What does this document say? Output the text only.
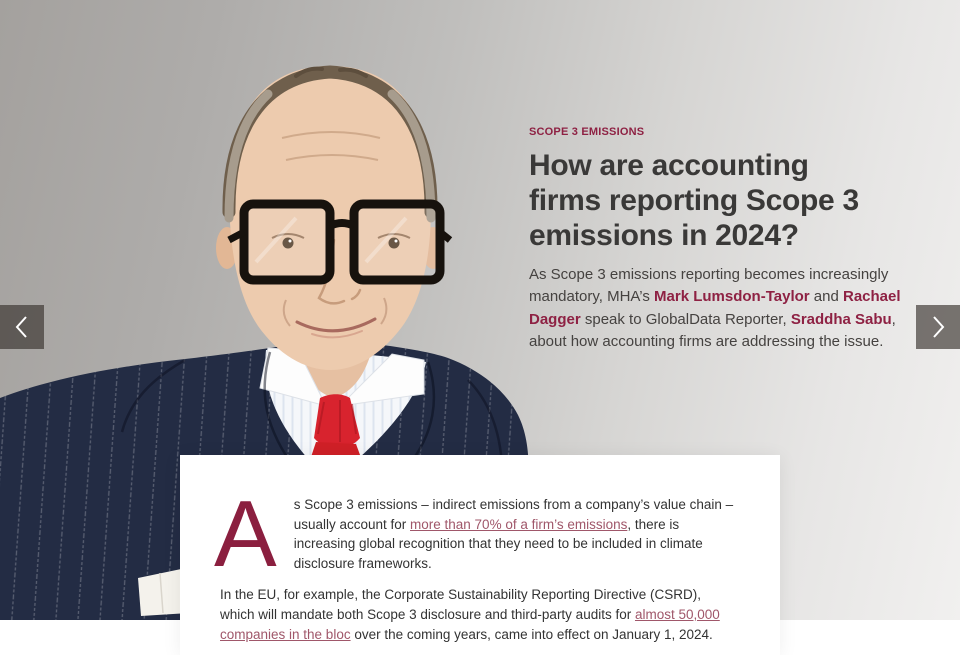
SCOPE 3 EMISSIONS
How are accounting
firms reporting Scope 3
emissions in 2024?
As Scope 3 emissions reporting becomes increasingly mandatory, MHA’s Mark Lumsdon-Taylor and Rachael Dagger speak to GlobalData Reporter, Sraddha Sabu, about how accounting firms are addressing the issue.

A s Scope 3 emissions – indirect emissions from a company’s value chain – usually account for more than 70% of a firm’s emissions, there is increasing global recognition that they need to be included in climate disclosure frameworks.

In the EU, for example, the Corporate Sustainability Reporting Directive (CSRD), which will mandate both Scope 3 disclosure and third-party audits for almost 50,000 companies in the bloc over the coming years, came into effect on January 1, 2024.
